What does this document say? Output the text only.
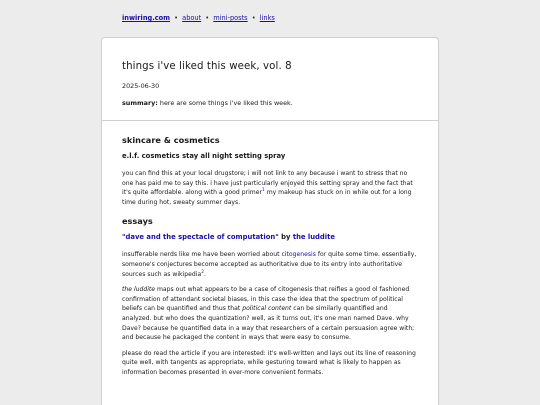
inwiring.com • about • mini-posts • links
things i've liked this week, vol. 8
2025-06-30
summary: here are some things i've liked this week.
skincare & cosmetics
e.l.f. cosmetics stay all night setting spray

you can find this at your local drugstore; i will not link to any because i want to stress that no one has paid me to say this. i have just particularly enjoyed this setting spray and the fact that it's quite affordable. along with a good primer$^1$ my makeup has stuck on in while out for a long time during hot, sweaty summer days.

essays
"dave and the spectacle of computation" by the luddite

insufferable nerds like me have been worried about citogenesis for quite some time. essentially, someone's conjectures become accepted as authoritative due to its entry into authoritative sources such as wikipedia$^2$.

the luddite maps out what appears to be a case of citogenesis that reifies a good ol fashioned confirmation of attendant societal biases, in this case the idea that the spectrum of political beliefs can be quantified and thus that political content can be similarly quantified and analyzed. but who does the quantization? well, as it turns out, it's one man named Dave. why Dave? because he quantified data in a way that researchers of a certain persuasion agree with; and because he packaged the content in ways that were easy to consume.

please do read the article if you are interested: it's well-written and lays out its line of reasoning quite well, with tangents as appropriate, while gesturing toward what is likely to happen as information becomes presented in ever-more convenient formats.
